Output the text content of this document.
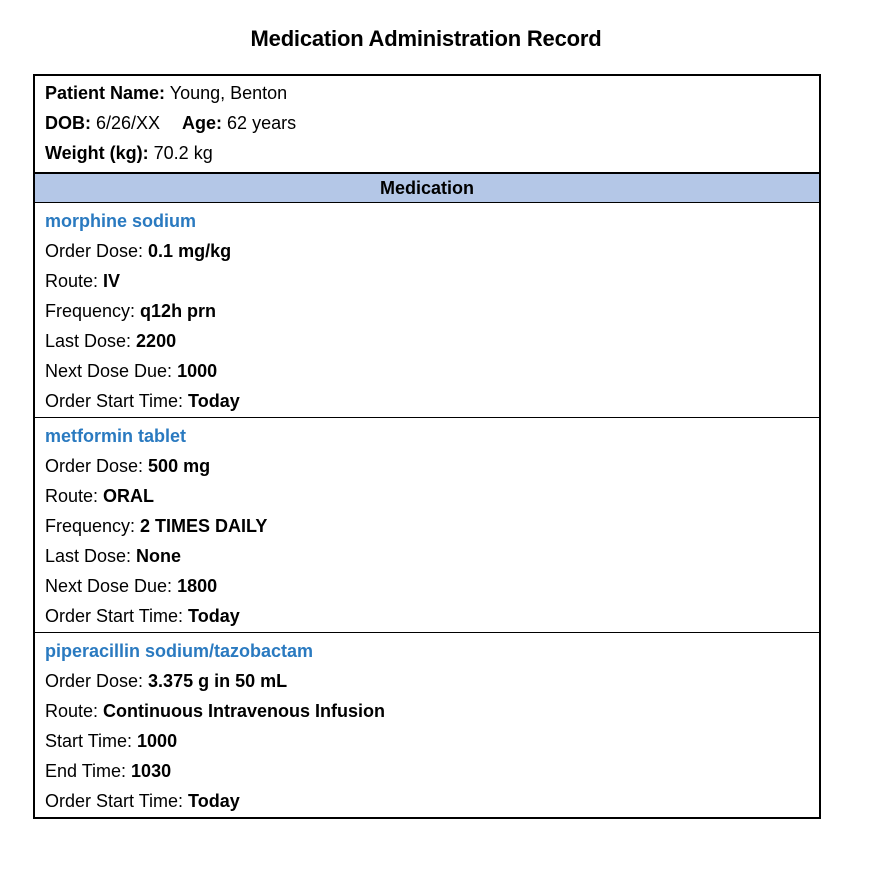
Medication Administration Record
Patient Name: Young, Benton
DOB: 6/26/XX Age: 62 years
Weight (kg): 70.2 kg
Medication
morphine sodium
Order Dose: 0.1 mg/kg
Route: IV
Frequency: q12h prn
Last Dose: 2200
Next Dose Due: 1000
Order Start Time: Today
metformin tablet
Order Dose: 500 mg
Route: ORAL
Frequency: 2 TIMES DAILY
Last Dose: None
Next Dose Due: 1800
Order Start Time: Today
piperacillin sodium/tazobactam
Order Dose: 3.375 g in 50 mL
Route: Continuous Intravenous Infusion
Start Time: 1000
End Time: 1030
Order Start Time: Today
